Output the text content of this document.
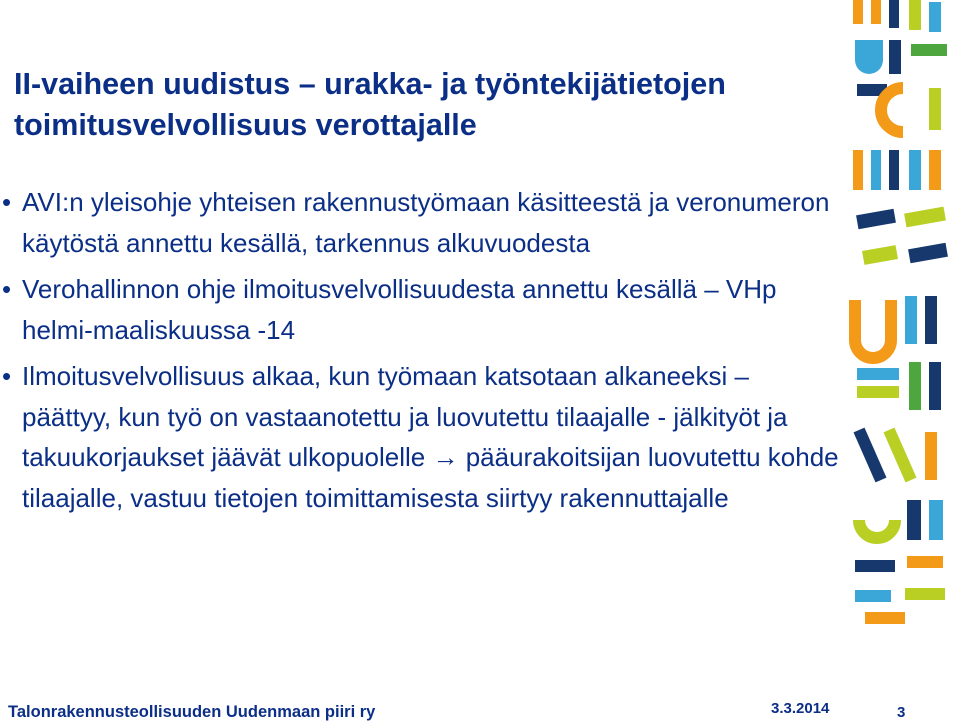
II-vaiheen uudistus – urakka- ja työntekijätietojen toimitusvelvollisuus verottajalle
• AVI:n yleisohje yhteisen rakennustyömaan käsitteestä ja veronumeron käytöstä annettu kesällä, tarkennus alkuvuodesta
• Verohallinnon ohje ilmoitusvelvollisuudesta annettu kesällä – VHp helmi-maaliskuussa -14
• Ilmoitusvelvollisuus alkaa, kun työmaan katsotaan alkaneeksi – päättyy, kun työ on vastaanotettu ja luovutettu tilaajalle - jälkityöt ja takuukorjaukset jäävät ulkopuolelle → pääurakoitsijan luovutettu kohde tilaajalle, vastuu tietojen toimittamisesta siirtyy rakennuttajalle
Talonrakennusteollisuuden Uudenmaan piiri ry	3.3.2014	3
